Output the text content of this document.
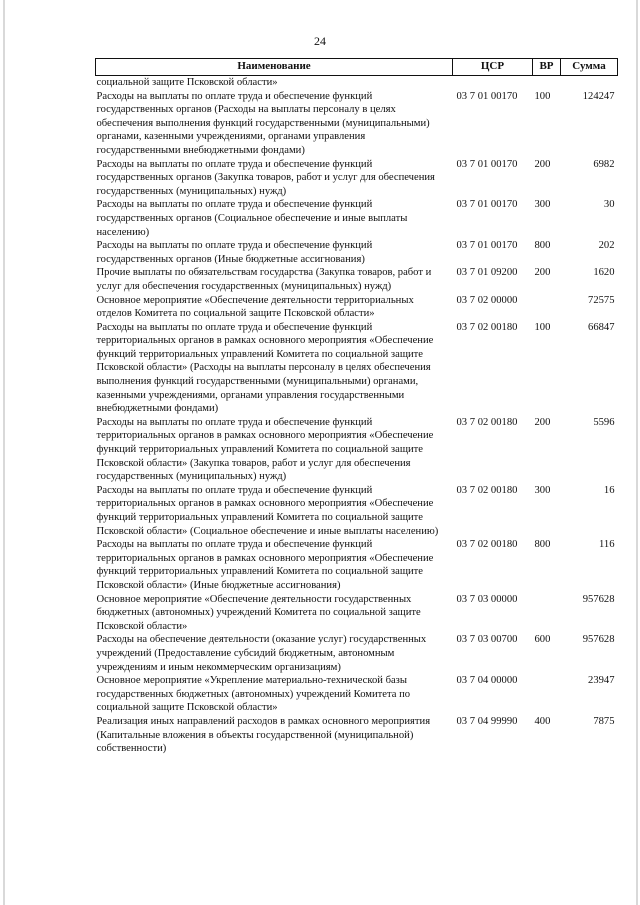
24
Наименование	ЦСР	ВР	Сумма
социальной защите Псковской области»			
Расходы на выплаты по оплате труда и обеспечение функций государственных органов (Расходы на выплаты персоналу в целях обеспечения выполнения функций государственными (муниципальными) органами, казенными учреждениями, органами управления государственными внебюджетными фондами)	03 7 01 00170	100	124247
Расходы на выплаты по оплате труда и обеспечение функций государственных органов (Закупка товаров, работ и услуг для обеспечения государственных (муниципальных) нужд)	03 7 01 00170	200	6982
Расходы на выплаты по оплате труда и обеспечение функций государственных органов (Социальное обеспечение и иные выплаты населению)	03 7 01 00170	300	30
Расходы на выплаты по оплате труда и обеспечение функций государственных органов (Иные бюджетные ассигнования)	03 7 01 00170	800	202
Прочие выплаты по обязательствам государства (Закупка товаров, работ и услуг для обеспечения государственных (муниципальных) нужд)	03 7 01 09200	200	1620
Основное мероприятие «Обеспечение деятельности территориальных отделов Комитета по социальной защите Псковской области»	03 7 02 00000		72575
Расходы на выплаты по оплате труда и обеспечение функций территориальных органов в рамках основного мероприятия «Обеспечение функций территориальных управлений Комитета по социальной защите Псковской области» (Расходы на выплаты персоналу в целях обеспечения выполнения функций государственными (муниципальными) органами, казенными учреждениями, органами управления государственными внебюджетными фондами)	03 7 02 00180	100	66847
Расходы на выплаты по оплате труда и обеспечение функций территориальных органов в рамках основного мероприятия «Обеспечение функций территориальных управлений Комитета по социальной защите Псковской области» (Закупка товаров, работ и услуг для обеспечения государственных (муниципальных) нужд)	03 7 02 00180	200	5596
Расходы на выплаты по оплате труда и обеспечение функций территориальных органов в рамках основного мероприятия «Обеспечение функций территориальных управлений Комитета по социальной защите Псковской области» (Социальное обеспечение и иные выплаты населению)	03 7 02 00180	300	16
Расходы на выплаты по оплате труда и обеспечение функций территориальных органов в рамках основного мероприятия «Обеспечение функций территориальных управлений Комитета по социальной защите Псковской области» (Иные бюджетные ассигнования)	03 7 02 00180	800	116
Основное мероприятие «Обеспечение деятельности государственных бюджетных (автономных) учреждений Комитета по социальной защите Псковской области»	03 7 03 00000		957628
Расходы на обеспечение деятельности (оказание услуг) государственных учреждений (Предоставление субсидий бюджетным, автономным учреждениям и иным некоммерческим организациям)	03 7 03 00700	600	957628
Основное мероприятие «Укрепление материально-технической базы государственных бюджетных (автономных) учреждений Комитета по социальной защите Псковской области»	03 7 04 00000		23947
Реализация иных направлений расходов в рамках основного мероприятия (Капитальные вложения в объекты государственной (муниципальной) собственности)	03 7 04 99990	400	7875
